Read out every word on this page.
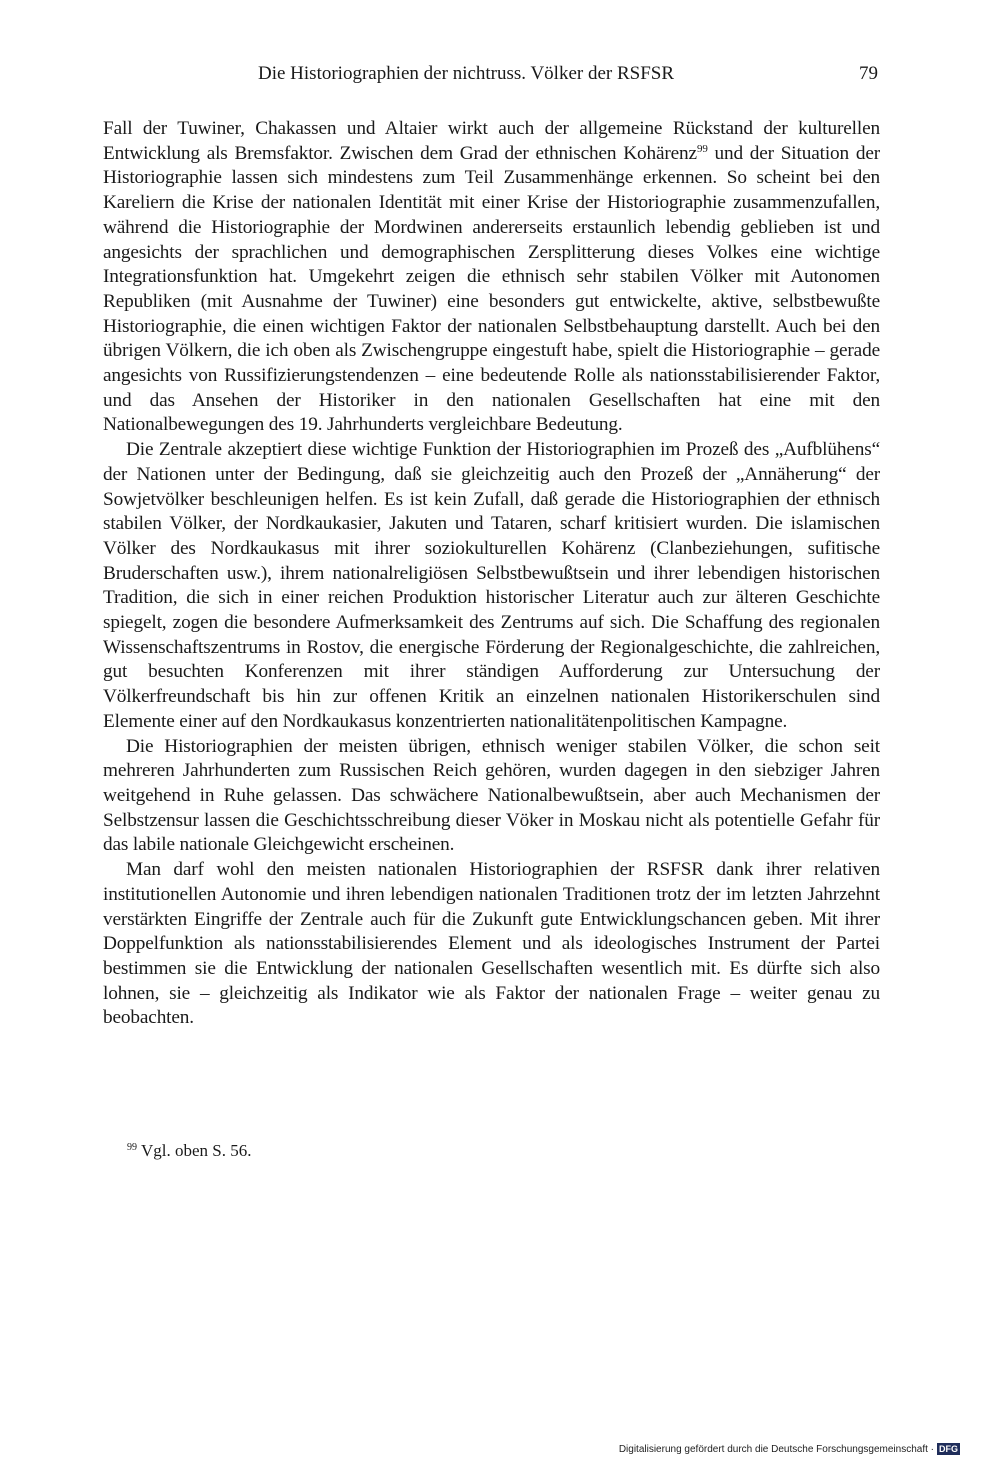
Die Historiographien der nichtruss. Völker der RSFSR	79

Fall der Tuwiner, Chakassen und Altaier wirkt auch der allgemeine Rückstand der kulturellen Entwicklung als Bremsfaktor. Zwischen dem Grad der ethnischen Kohärenz$^{99}$ und der Situation der Historiographie lassen sich mindestens zum Teil Zusammenhänge erkennen. So scheint bei den Kareliern die Krise der nationalen Identität mit einer Krise der Historiographie zusammenzufallen, während die Historiographie der Mordwinen andererseits erstaunlich lebendig geblieben ist und angesichts der sprachlichen und demographischen Zersplitterung dieses Volkes eine wichtige Integrationsfunktion hat. Umgekehrt zeigen die ethnisch sehr stabilen Völker mit Autonomen Republiken (mit Ausnahme der Tuwiner) eine besonders gut entwickelte, aktive, selbstbewußte Historiographie, die einen wichtigen Faktor der nationalen Selbstbehauptung darstellt. Auch bei den übrigen Völkern, die ich oben als Zwischengruppe eingestuft habe, spielt die Historiographie – gerade angesichts von Russifizierungstendenzen – eine bedeutende Rolle als nationsstabilisierender Faktor, und das Ansehen der Historiker in den nationalen Gesellschaften hat eine mit den Nationalbewegungen des 19. Jahrhunderts vergleichbare Bedeutung.

Die Zentrale akzeptiert diese wichtige Funktion der Historiographien im Prozeß des „Aufblühens“ der Nationen unter der Bedingung, daß sie gleichzeitig auch den Prozeß der „Annäherung“ der Sowjetvölker beschleunigen helfen. Es ist kein Zufall, daß gerade die Historiographien der ethnisch stabilen Völker, der Nordkaukasier, Jakuten und Tataren, scharf kritisiert wurden. Die islamischen Völker des Nordkaukasus mit ihrer soziokulturellen Kohärenz (Clanbeziehungen, sufitische Bruderschaften usw.), ihrem nationalreligiösen Selbstbewußtsein und ihrer lebendigen historischen Tradition, die sich in einer reichen Produktion historischer Literatur auch zur älteren Geschichte spiegelt, zogen die besondere Aufmerksamkeit des Zentrums auf sich. Die Schaffung des regionalen Wissenschaftszentrums in Rostov, die energische Förderung der Regionalgeschichte, die zahlreichen, gut besuchten Konferenzen mit ihrer ständigen Aufforderung zur Untersuchung der Völkerfreundschaft bis hin zur offenen Kritik an einzelnen nationalen Historikerschulen sind Elemente einer auf den Nordkaukasus konzentrierten nationalitätenpolitischen Kampagne.

Die Historiographien der meisten übrigen, ethnisch weniger stabilen Völker, die schon seit mehreren Jahrhunderten zum Russischen Reich gehören, wurden dagegen in den siebziger Jahren weitgehend in Ruhe gelassen. Das schwächere Nationalbewußtsein, aber auch Mechanismen der Selbstzensur lassen die Geschichtsschreibung dieser Vöker in Moskau nicht als potentielle Gefahr für das labile nationale Gleichgewicht erscheinen.

Man darf wohl den meisten nationalen Historiographien der RSFSR dank ihrer relativen institutionellen Autonomie und ihren lebendigen nationalen Traditionen trotz der im letzten Jahrzehnt verstärkten Eingriffe der Zentrale auch für die Zukunft gute Entwicklungschancen geben. Mit ihrer Doppelfunktion als nationsstabilisierendes Element und als ideologisches Instrument der Partei bestimmen sie die Entwicklung der nationalen Gesellschaften wesentlich mit. Es dürfte sich also lohnen, sie – gleichzeitig als Indikator wie als Faktor der nationalen Frage – weiter genau zu beobachten.

$^{99}$ Vgl. oben S. 56.
Digitalisierung gefördert durch die Deutsche Forschungsgemeinschaft · DFG
